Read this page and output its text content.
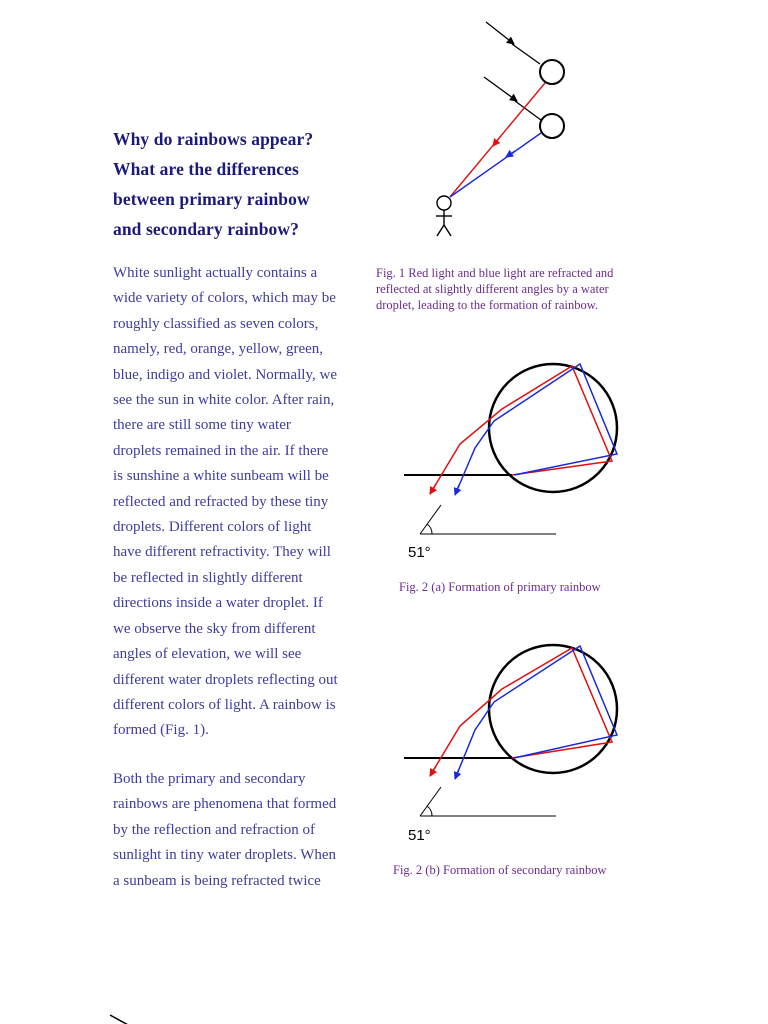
Why do rainbows appear?
What are the differences
between primary rainbow
and secondary rainbow?
White sunlight actually contains a
wide variety of colors, which may be
roughly classified as seven colors,
namely, red, orange, yellow, green,
blue, indigo and violet. Normally, we
see the sun in white color. After rain,
there are still some tiny water
droplets remained in the air. If there
is sunshine a white sunbeam will be
reflected and refracted by these tiny
droplets. Different colors of light
have different refractivity. They will
be reflected in slightly different
directions inside a water droplet. If
we observe the sky from different
angles of elevation, we will see
different water droplets reflecting out
different colors of light. A rainbow is
formed (Fig. 1).
Both the primary and secondary
rainbows are phenomena that formed
by the reflection and refraction of
sunlight in tiny water droplets. When
a sunbeam is being refracted twice
Fig. 1 Red light and blue light are refracted and
reflected at slightly different angles by a water
droplet, leading to the formation of rainbow.
Fig. 2 (a) Formation of primary rainbow
Fig. 2 (b) Formation of secondary rainbow
51°
51°
